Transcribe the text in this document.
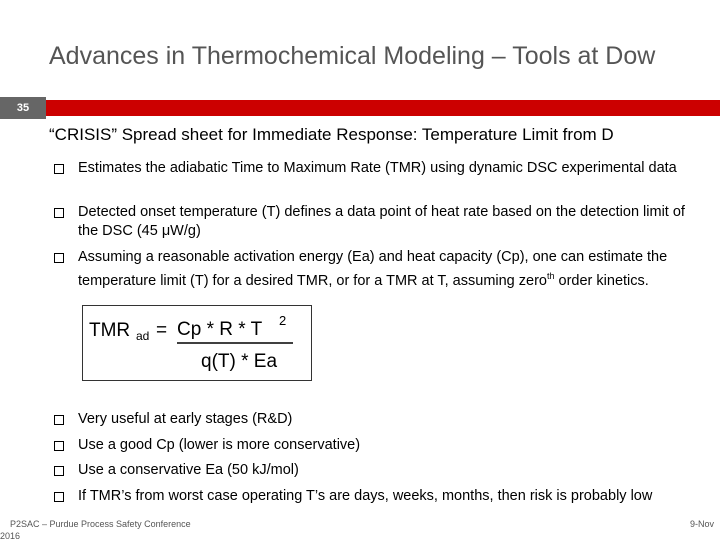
Advances in Thermochemical Modeling – Tools at Dow
35
“CRISIS” Spread sheet for Immediate Response: Temperature Limit from D
Estimates the adiabatic Time to Maximum Rate (TMR) using dynamic DSC experimental data
Detected onset temperature (T) defines a data point of heat rate based on the detection limit of the DSC (45 μW/g)
Assuming a reasonable activation energy (Ea) and heat capacity (Cp), one can estimate the temperature limit (T) for a desired TMR, or for a TMR at T, assuming zero$^{th}$ order kinetics.
TMR ad = Cp * R * T 2
q(T) * Ea
Very useful at early stages (R&D)
Use a good Cp (lower is more conservative)
Use a conservative Ea (50 kJ/mol)
If TMR’s from worst case operating T’s are days, weeks, months, then risk is probably low
P2SAC – Purdue Process Safety Conference	9-Nov
2016
